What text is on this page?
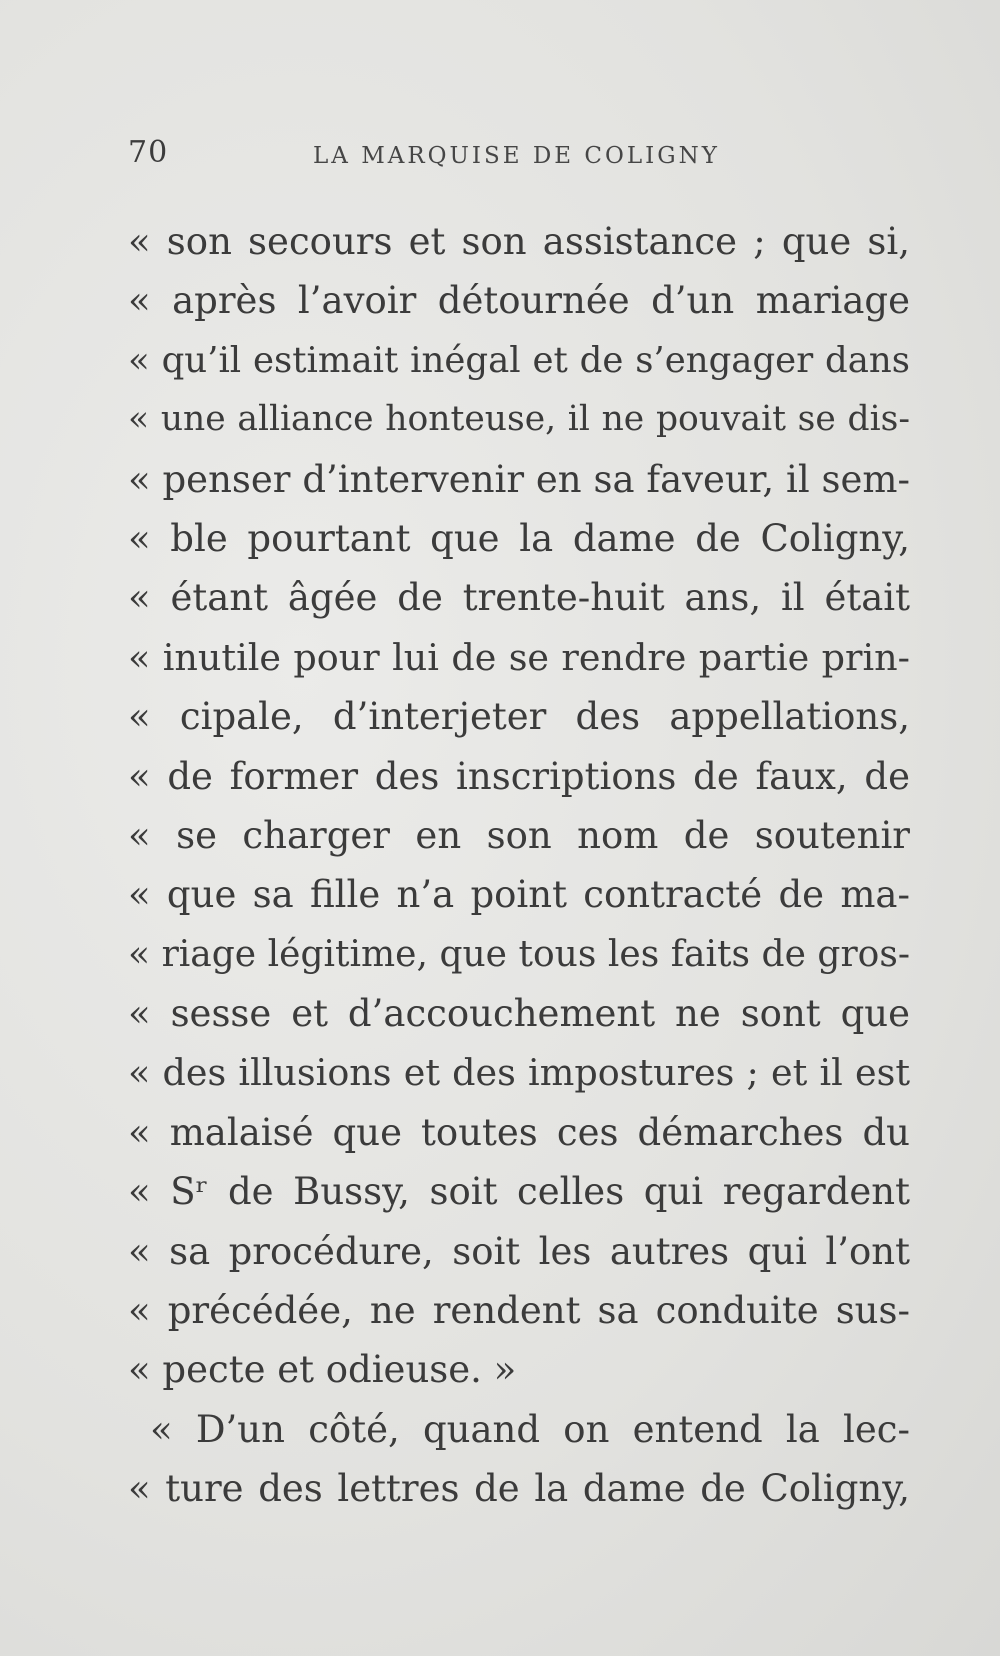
70	LA MARQUISE DE COLIGNY
« son secours et son assistance ; que si,
« après l’avoir détournée d’un mariage
« qu’il estimait inégal et de s’engager dans
« une alliance honteuse, il ne pouvait se dis-
« penser d’intervenir en sa faveur, il sem-
« ble pourtant que la dame de Coligny,
« étant âgée de trente-huit ans, il était
« inutile pour lui de se rendre partie prin-
« cipale, d’interjeter des appellations,
« de former des inscriptions de faux, de
« se charger en son nom de soutenir
« que sa fille n’a point contracté de ma-
« riage légitime, que tous les faits de gros-
« sesse et d’accouchement ne sont que
« des illusions et des impostures ; et il est
« malaisé que toutes ces démarches du
« Sʳ de Bussy, soit celles qui regardent
« sa procédure, soit les autres qui l’ont
« précédée, ne rendent sa conduite sus-
« pecte et odieuse. »
« D’un côté, quand on entend la lec-
« ture des lettres de la dame de Coligny,
